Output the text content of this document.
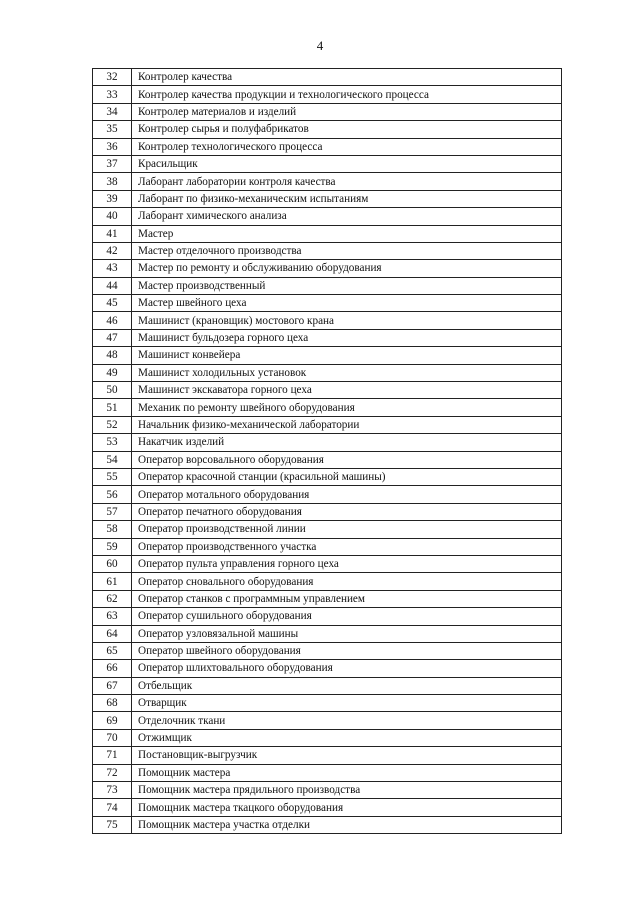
4
32	Контролер качества
33	Контролер качества продукции и технологического процесса
34	Контролер материалов и изделий
35	Контролер сырья и полуфабрикатов
36	Контролер технологического процесса
37	Красильщик
38	Лаборант лаборатории контроля качества
39	Лаборант по физико-механическим испытаниям
40	Лаборант химического анализа
41	Мастер
42	Мастер отделочного производства
43	Мастер по ремонту и обслуживанию оборудования
44	Мастер производственный
45	Мастер швейного цеха
46	Машинист (крановщик) мостового крана
47	Машинист бульдозера горного цеха
48	Машинист конвейера
49	Машинист холодильных установок
50	Машинист экскаватора горного цеха
51	Механик по ремонту швейного оборудования
52	Начальник физико-механической лаборатории
53	Накатчик изделий
54	Оператор ворсовального оборудования
55	Оператор красочной станции (красильной машины)
56	Оператор мотального оборудования
57	Оператор печатного оборудования
58	Оператор производственной линии
59	Оператор производственного участка
60	Оператор пульта управления горного цеха
61	Оператор сновального оборудования
62	Оператор станков с программным управлением
63	Оператор сушильного оборудования
64	Оператор узловязальной машины
65	Оператор швейного оборудования
66	Оператор шлихтовального оборудования
67	Отбельщик
68	Отварщик
69	Отделочник ткани
70	Отжимщик
71	Постановщик-выгрузчик
72	Помощник мастера
73	Помощник мастера прядильного производства
74	Помощник мастера ткацкого оборудования
75	Помощник мастера участка отделки
